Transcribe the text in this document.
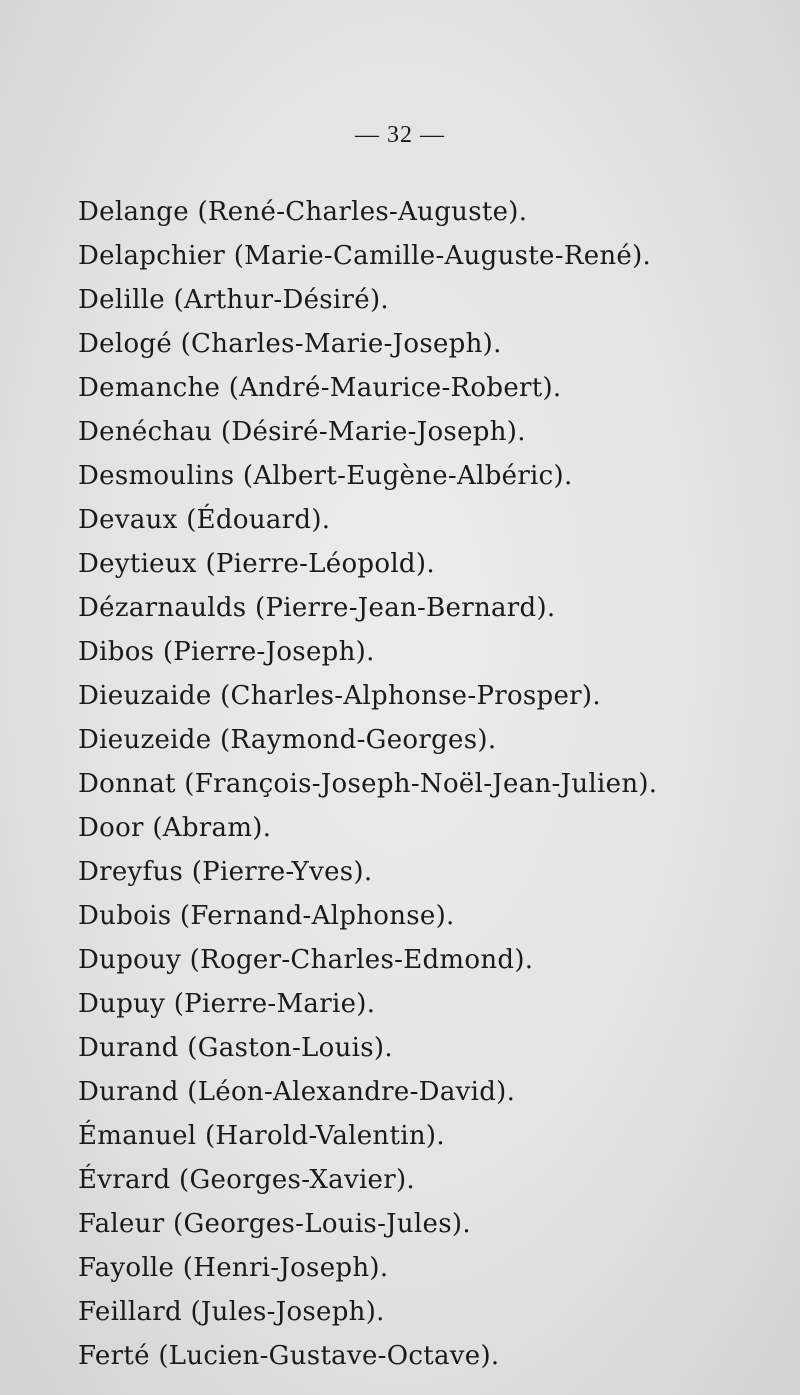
— 32 —
Delange (René-Charles-Auguste).
Delapchier (Marie-Camille-Auguste-René).
Delille (Arthur-Désiré).
Delogé (Charles-Marie-Joseph).
Demanche (André-Maurice-Robert).
Denéchau (Désiré-Marie-Joseph).
Desmoulins (Albert-Eugène-Albéric).
Devaux (Édouard).
Deytieux (Pierre-Léopold).
Dézarnaulds (Pierre-Jean-Bernard).
Dibos (Pierre-Joseph).
Dieuzaide (Charles-Alphonse-Prosper).
Dieuzeide (Raymond-Georges).
Donnat (François-Joseph-Noël-Jean-Julien).
Door (Abram).
Dreyfus (Pierre-Yves).
Dubois (Fernand-Alphonse).
Dupouy (Roger-Charles-Edmond).
Dupuy (Pierre-Marie).
Durand (Gaston-Louis).
Durand (Léon-Alexandre-David).
Émanuel (Harold-Valentin).
Évrard (Georges-Xavier).
Faleur (Georges-Louis-Jules).
Fayolle (Henri-Joseph).
Feillard (Jules-Joseph).
Ferté (Lucien-Gustave-Octave).
